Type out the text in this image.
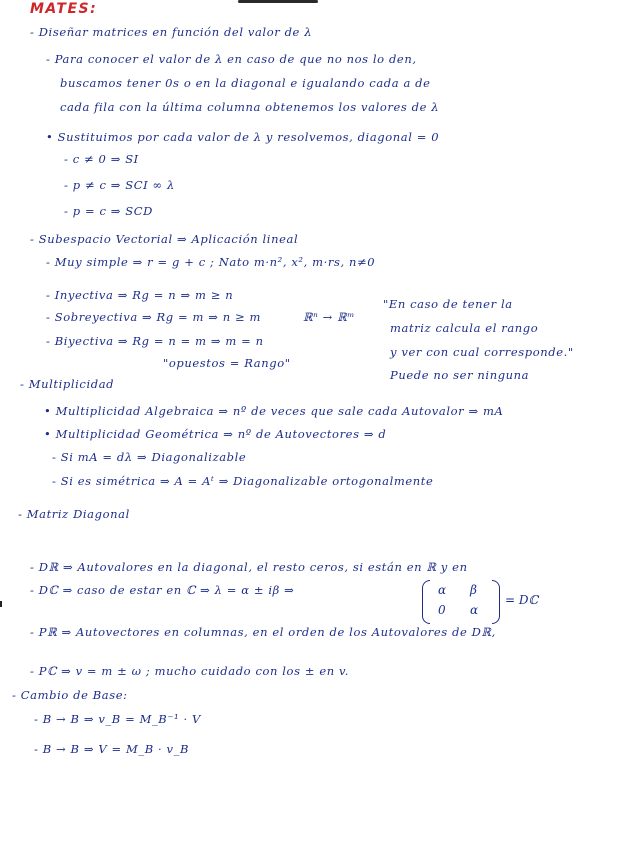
MATES:
- Diseñar matrices en función del valor de λ
- Para conocer el valor de λ en caso de que no nos lo den,
buscamos tener 0s o en la diagonal e igualando cada a de
cada fila con la última columna obtenemos los valores de λ
• Sustituimos por cada valor de λ y resolvemos, diagonal = 0
- c ≠ 0 ⇒ SI
- p ≠ c ⇒ SCI ∞ λ
- p = c ⇒ SCD
- Subespacio Vectorial ⇒ Aplicación lineal
- Muy simple ⇒ r = g + c ; Nato m·n², x², m·rs, n≠0
- Inyectiva ⇒ Rg = n ⇒ m ≥ n
- Sobreyectiva ⇒ Rg = m ⇒ n ≥ m
- Biyectiva ⇒ Rg = n = m ⇒ m = n
"opuestos = Rango"
ℝⁿ → ℝᵐ
"En caso de tener la
matriz calcula el rango
y ver con cual corresponde."
Puede no ser ninguna
- Multiplicidad
• Multiplicidad Algebraica ⇒ nº de veces que sale cada Autovalor ⇒ mA
• Multiplicidad Geométrica ⇒ nº de Autovectores ⇒ d
- Si mA = dλ ⇒ Diagonalizable
- Si es simétrica ⇒ A = Aᵗ ⇒ Diagonalizable ortogonalmente
- Matriz Diagonal
- Dℝ ⇒ Autovalores en la diagonal, el resto ceros, si están en ℝ y en
- Dℂ ⇒ caso de estar en ℂ ⇒ λ = α ± iβ ⇒	α β
0 α
= Dℂ
- Pℝ ⇒ Autovectores en columnas, en el orden de los Autovalores de Dℝ,
- Pℂ ⇒ v = m ± ω ; mucho cuidado con los ± en v.
- Cambio de Base:
- B → B ⇒ v_B = M_B⁻¹ · V
- B → B ⇒ V = M_B · v_B
